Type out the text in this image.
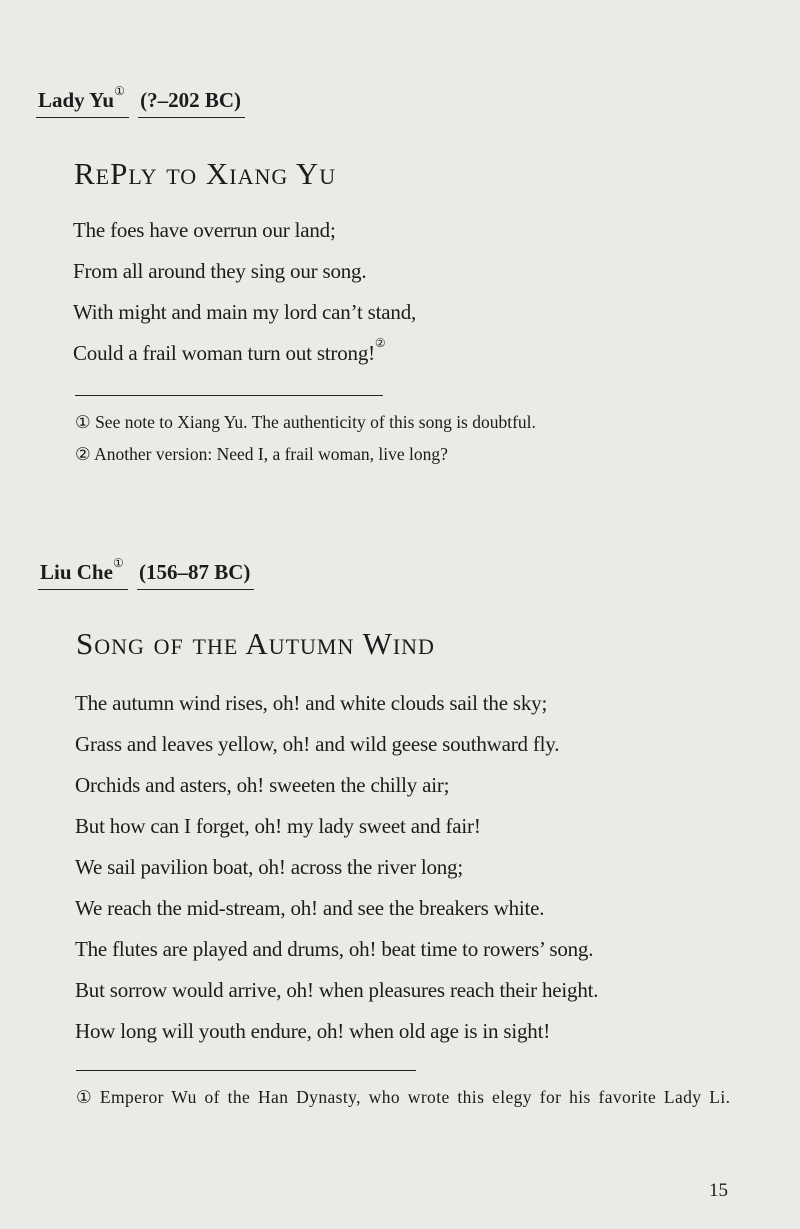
Lady Yu① (?–202 BC)
RePly to Xiang Yu
The foes have overrun our land;
From all around they sing our song.
With might and main my lord can’t stand,
Could a frail woman turn out strong!②
① See note to Xiang Yu. The authenticity of this song is doubtful.
② Another version: Need I, a frail woman, live long?
Liu Che① (156–87 BC)
Song of the Autumn Wind
The autumn wind rises, oh! and white clouds sail the sky;
Grass and leaves yellow, oh! and wild geese southward fly.
Orchids and asters, oh! sweeten the chilly air;
But how can I forget, oh! my lady sweet and fair!
We sail pavilion boat, oh! across the river long;
We reach the mid-stream, oh! and see the breakers white.
The flutes are played and drums, oh! beat time to rowers’ song.
But sorrow would arrive, oh! when pleasures reach their height.
How long will youth endure, oh! when old age is in sight!
① Emperor Wu of the Han Dynasty, who wrote this elegy for his favorite Lady Li.
15
